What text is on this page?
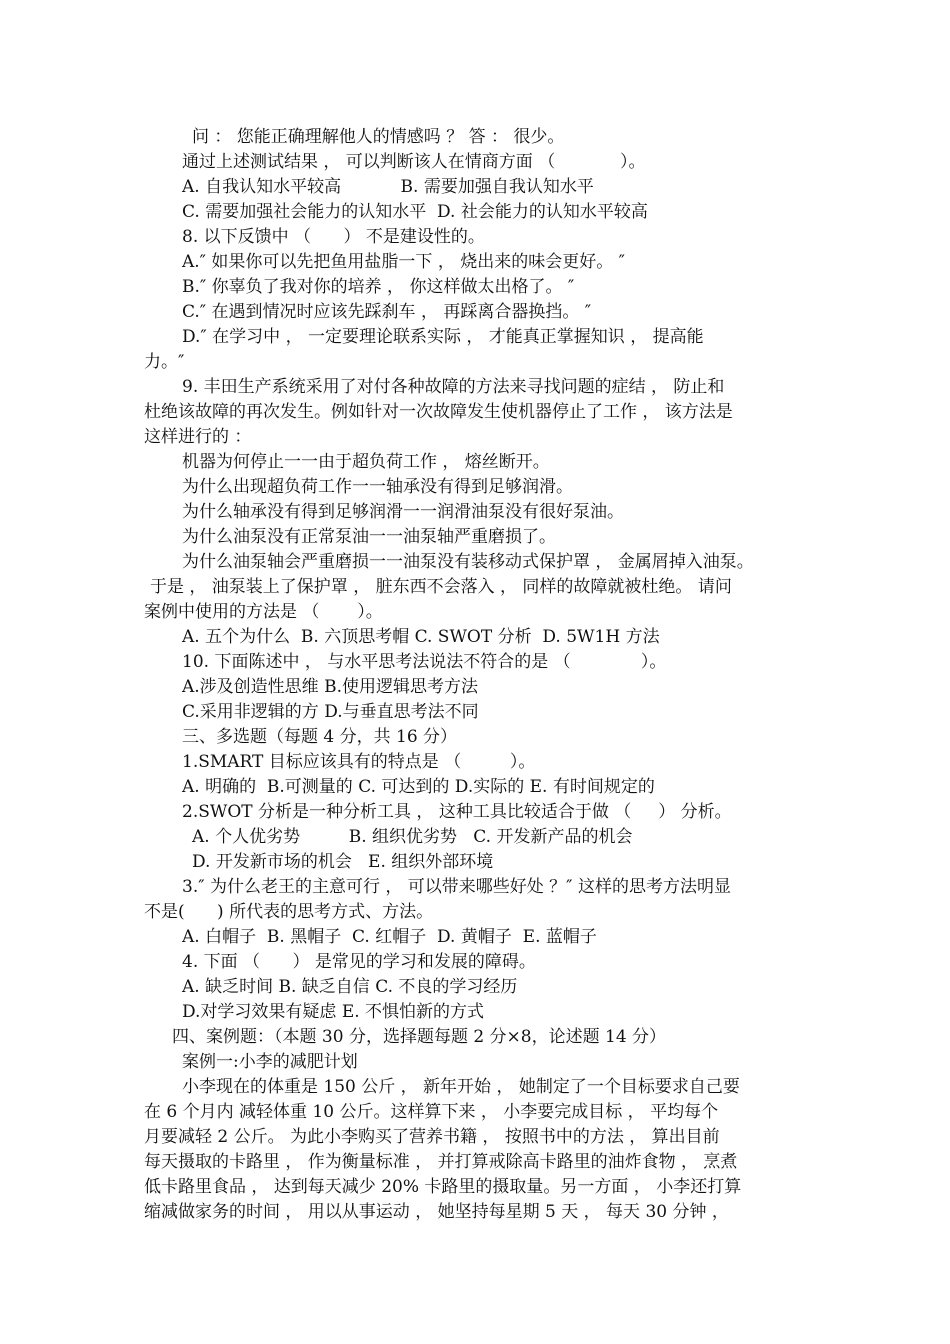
问 ： 您能正确理解他人的情感吗 ？ 答 ： 很少。
通过上述测试结果 ， 可以判断该人在情商方面 （            ）。
A. 自我认知水平较高           B. 需要加强自我认知水平
C. 需要加强社会能力的认知水平  D. 社会能力的认知水平较高
8. 以下反馈中 （      ） 不是建设性的。
A.″ 如果你可以先把鱼用盐脂一下 ， 烧出来的味会更好。 ″
B.″ 你辜负了我对你的培养 ， 你这样做太出格了。 ″
C.″ 在遇到情况时应该先踩刹车 ， 再踩离合器换挡。 ″
D.″ 在学习中 ， 一定要理论联系实际 ， 才能真正掌握知识 ， 提高能
力。″
9. 丰田生产系统采用了对付各种故障的方法来寻找问题的症结 ， 防止和
杜绝该故障的再次发生。例如针对一次故障发生使机器停止了工作 ， 该方法是
这样进行的 ：
机器为何停止一一由于超负荷工作 ， 熔丝断开。
为什么出现超负荷工作一一轴承没有得到足够润滑。
为什么轴承没有得到足够润滑一一润滑油泵没有很好泵油。
为什么油泵没有正常泵油一一油泵轴严重磨损了。
为什么油泵轴会严重磨损一一油泵没有装移动式保护罩 ， 金属屑掉入油泵。
于是 ， 油泵装上了保护罩 ， 脏东西不会落入 ， 同样的故障就被杜绝。 请问
案例中使用的方法是 （       ）。
A. 五个为什么  B. 六顶思考帽 C. SWOT 分析  D. 5W1H 方法
10. 下面陈述中 ， 与水平思考法说法不符合的是 （             ）。
A.涉及创造性思维 B.使用逻辑思考方法
C.采用非逻辑的方 D.与垂直思考法不同
三、多选题（每题 4 分，共 16 分）
1.SMART 目标应该具有的特点是 （         ）。
A. 明确的  B.可测量的 C. 可达到的 D.实际的 E. 有时间规定的
2.SWOT 分析是一种分析工具 ， 这种工具比较适合于做 （     ） 分析。
A. 个人优劣势         B. 组织优劣势   C. 开发新产品的机会
D. 开发新市场的机会   E. 组织外部环境
3.″ 为什么老王的主意可行 ， 可以带来哪些好处 ？″ 这样的思考方法明显
不是(      ) 所代表的思考方式、方法。
A. 白帽子  B. 黑帽子  C. 红帽子  D. 黄帽子  E. 蓝帽子
4. 下面 （      ） 是常见的学习和发展的障碍。
A. 缺乏时间 B. 缺乏自信 C. 不良的学习经历
D.对学习效果有疑虑 E. 不惧怕新的方式
四、案例题：（本题 30 分，选择题每题 2 分×8，论述题 14 分）
案例一:小李的减肥计划
小李现在的体重是 150 公斤 ， 新年开始 ， 她制定了一个目标要求自己要
在 6 个月内 减轻体重 10 公斤。这样算下来 ， 小李要完成目标 ， 平均每个
月要减轻 2 公斤。 为此小李购买了营养书籍 ， 按照书中的方法 ， 算出目前
每天摄取的卡路里 ， 作为衡量标准 ， 并打算戒除高卡路里的油炸食物 ， 烹煮
低卡路里食品 ， 达到每天减少 20% 卡路里的摄取量。另一方面 ， 小李还打算
缩减做家务的时间 ， 用以从事运动 ， 她坚持每星期 5 天 ， 每天 30 分钟 ，
